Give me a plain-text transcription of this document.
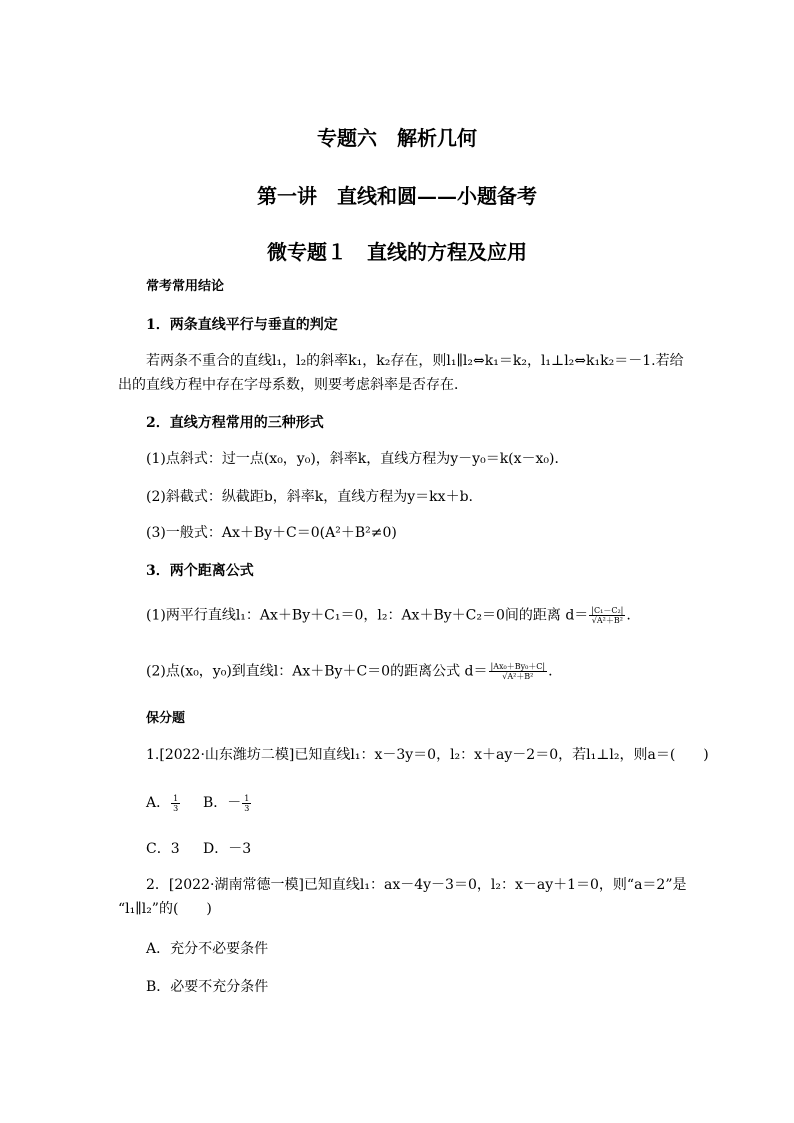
专题六　解析几何
第一讲　直线和圆——小题备考
微专题１　直线的方程及应用
常考常用结论
1．两条直线平行与垂直的判定
若两条不重合的直线l₁，l₂的斜率k₁，k₂存在，则l₁∥l₂⇔k₁＝k₂，l₁⊥l₂⇔k₁k₂＝－1.若给
出的直线方程中存在字母系数，则要考虑斜率是否存在．
2．直线方程常用的三种形式
(1)点斜式：过一点(x₀，y₀)，斜率k，直线方程为y－y₀＝k(x－x₀)．
(2)斜截式：纵截距b，斜率k，直线方程为y＝kx＋b.
(3)一般式：Ax＋By＋C＝0(A²＋B²≠0)
3．两个距离公式
(1)两平行直线l₁：Ax＋By＋C₁＝0，l₂：Ax＋By＋C₂＝0间的距离 $d= \frac{\text{|C₁－C₂|}}{\text{√A²＋B²}}$ .
(2)点(x₀，y₀)到直线l：Ax＋By＋C＝0的距离公式 $d= \frac{\text{|Ax₀＋By₀＋C|}}{\text{√A²＋B²}}$ .
保分题
1.[2022·山东潍坊二模]已知直线l₁：x－3y＝0，l₂：x＋ay－2＝0，若l₁⊥l₂，则a＝(　　)
A． $\frac{1}{3}$ B．－ $\frac{1}{3}$
C．3 D．－3
2．[2022·湖南常德一模]已知直线l₁：ax－4y－3＝0，l₂：x－ay＋1＝0，则“a＝2”是
“l₁∥l₂”的(　　)
A．充分不必要条件
B．必要不充分条件
